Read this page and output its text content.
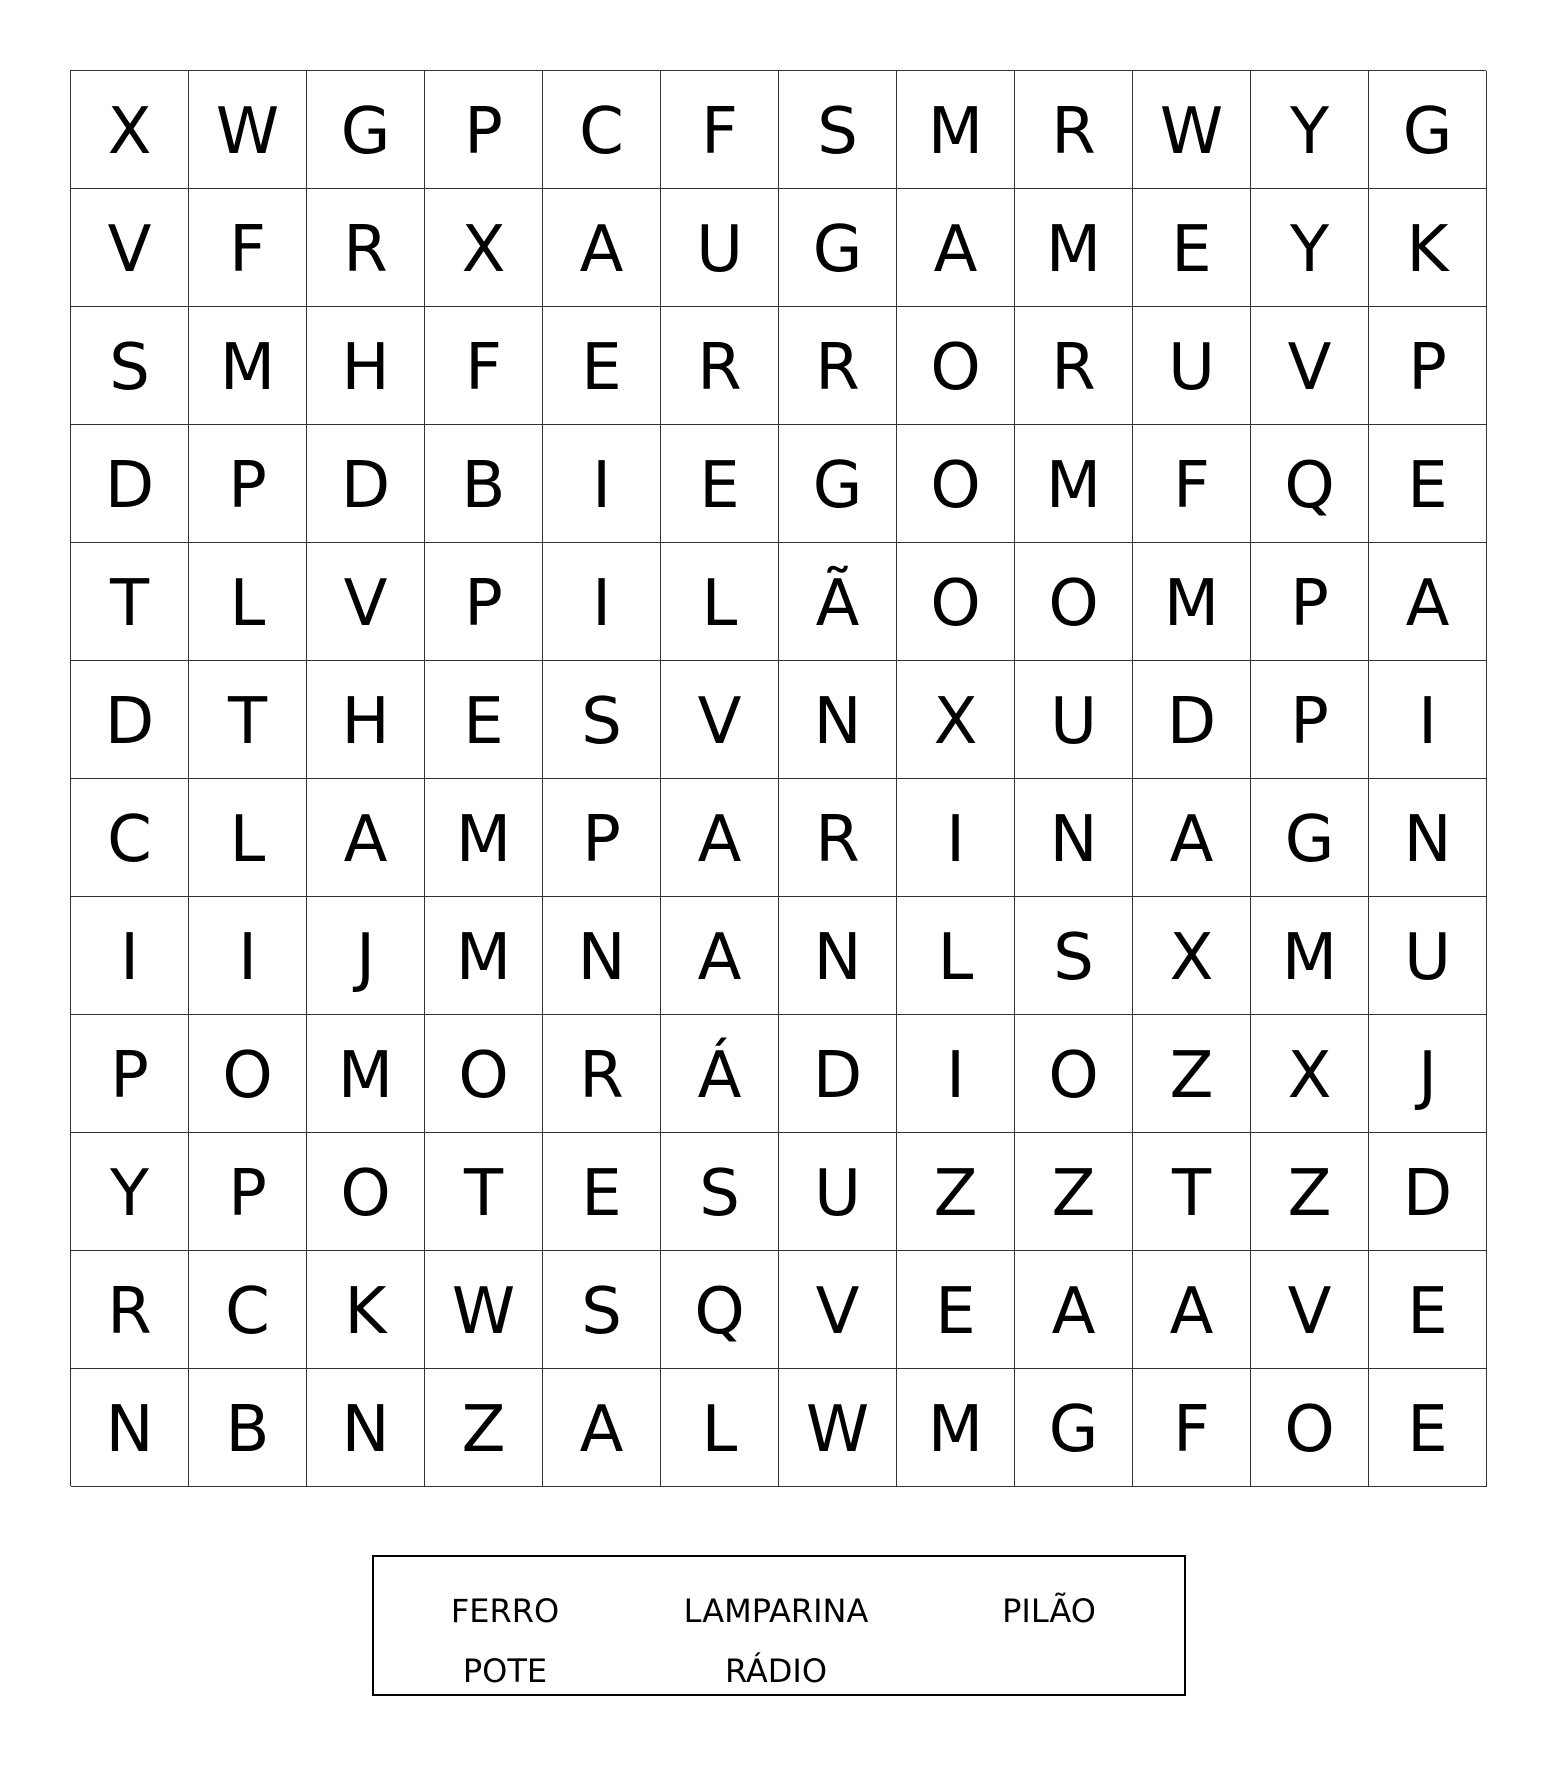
X	W G	P	C	F	S	M	R	W	Y	G
V	F	R	X	A	U	G	A	M	E	Y	K
S	M	H	F	E	R	R	O	R	U	V	P
D	P	D	B	I	E	G	O	M	F	Q	E
T	L	V	P	I	L	Ã	O	O	M	P	A
D	T	H	E	S	V	N	X	U	D	P	I
C	L	A	M	P	A	R	I	N	A	G	N
I	I	J	M	N	A	N	L	S	X	M	U
P	O	M	O	R	Á	D	I	O	Z	X	J
Y	P	O	T	E	S	U	Z	Z	T	Z	D
R	C	K	W	S	Q	V	E	A	A	V	E
N	B	N	Z	A	L	W M	G	F	O	E
FERRO	LAMPARINA	PILÃO
POTE	RÁDIO
